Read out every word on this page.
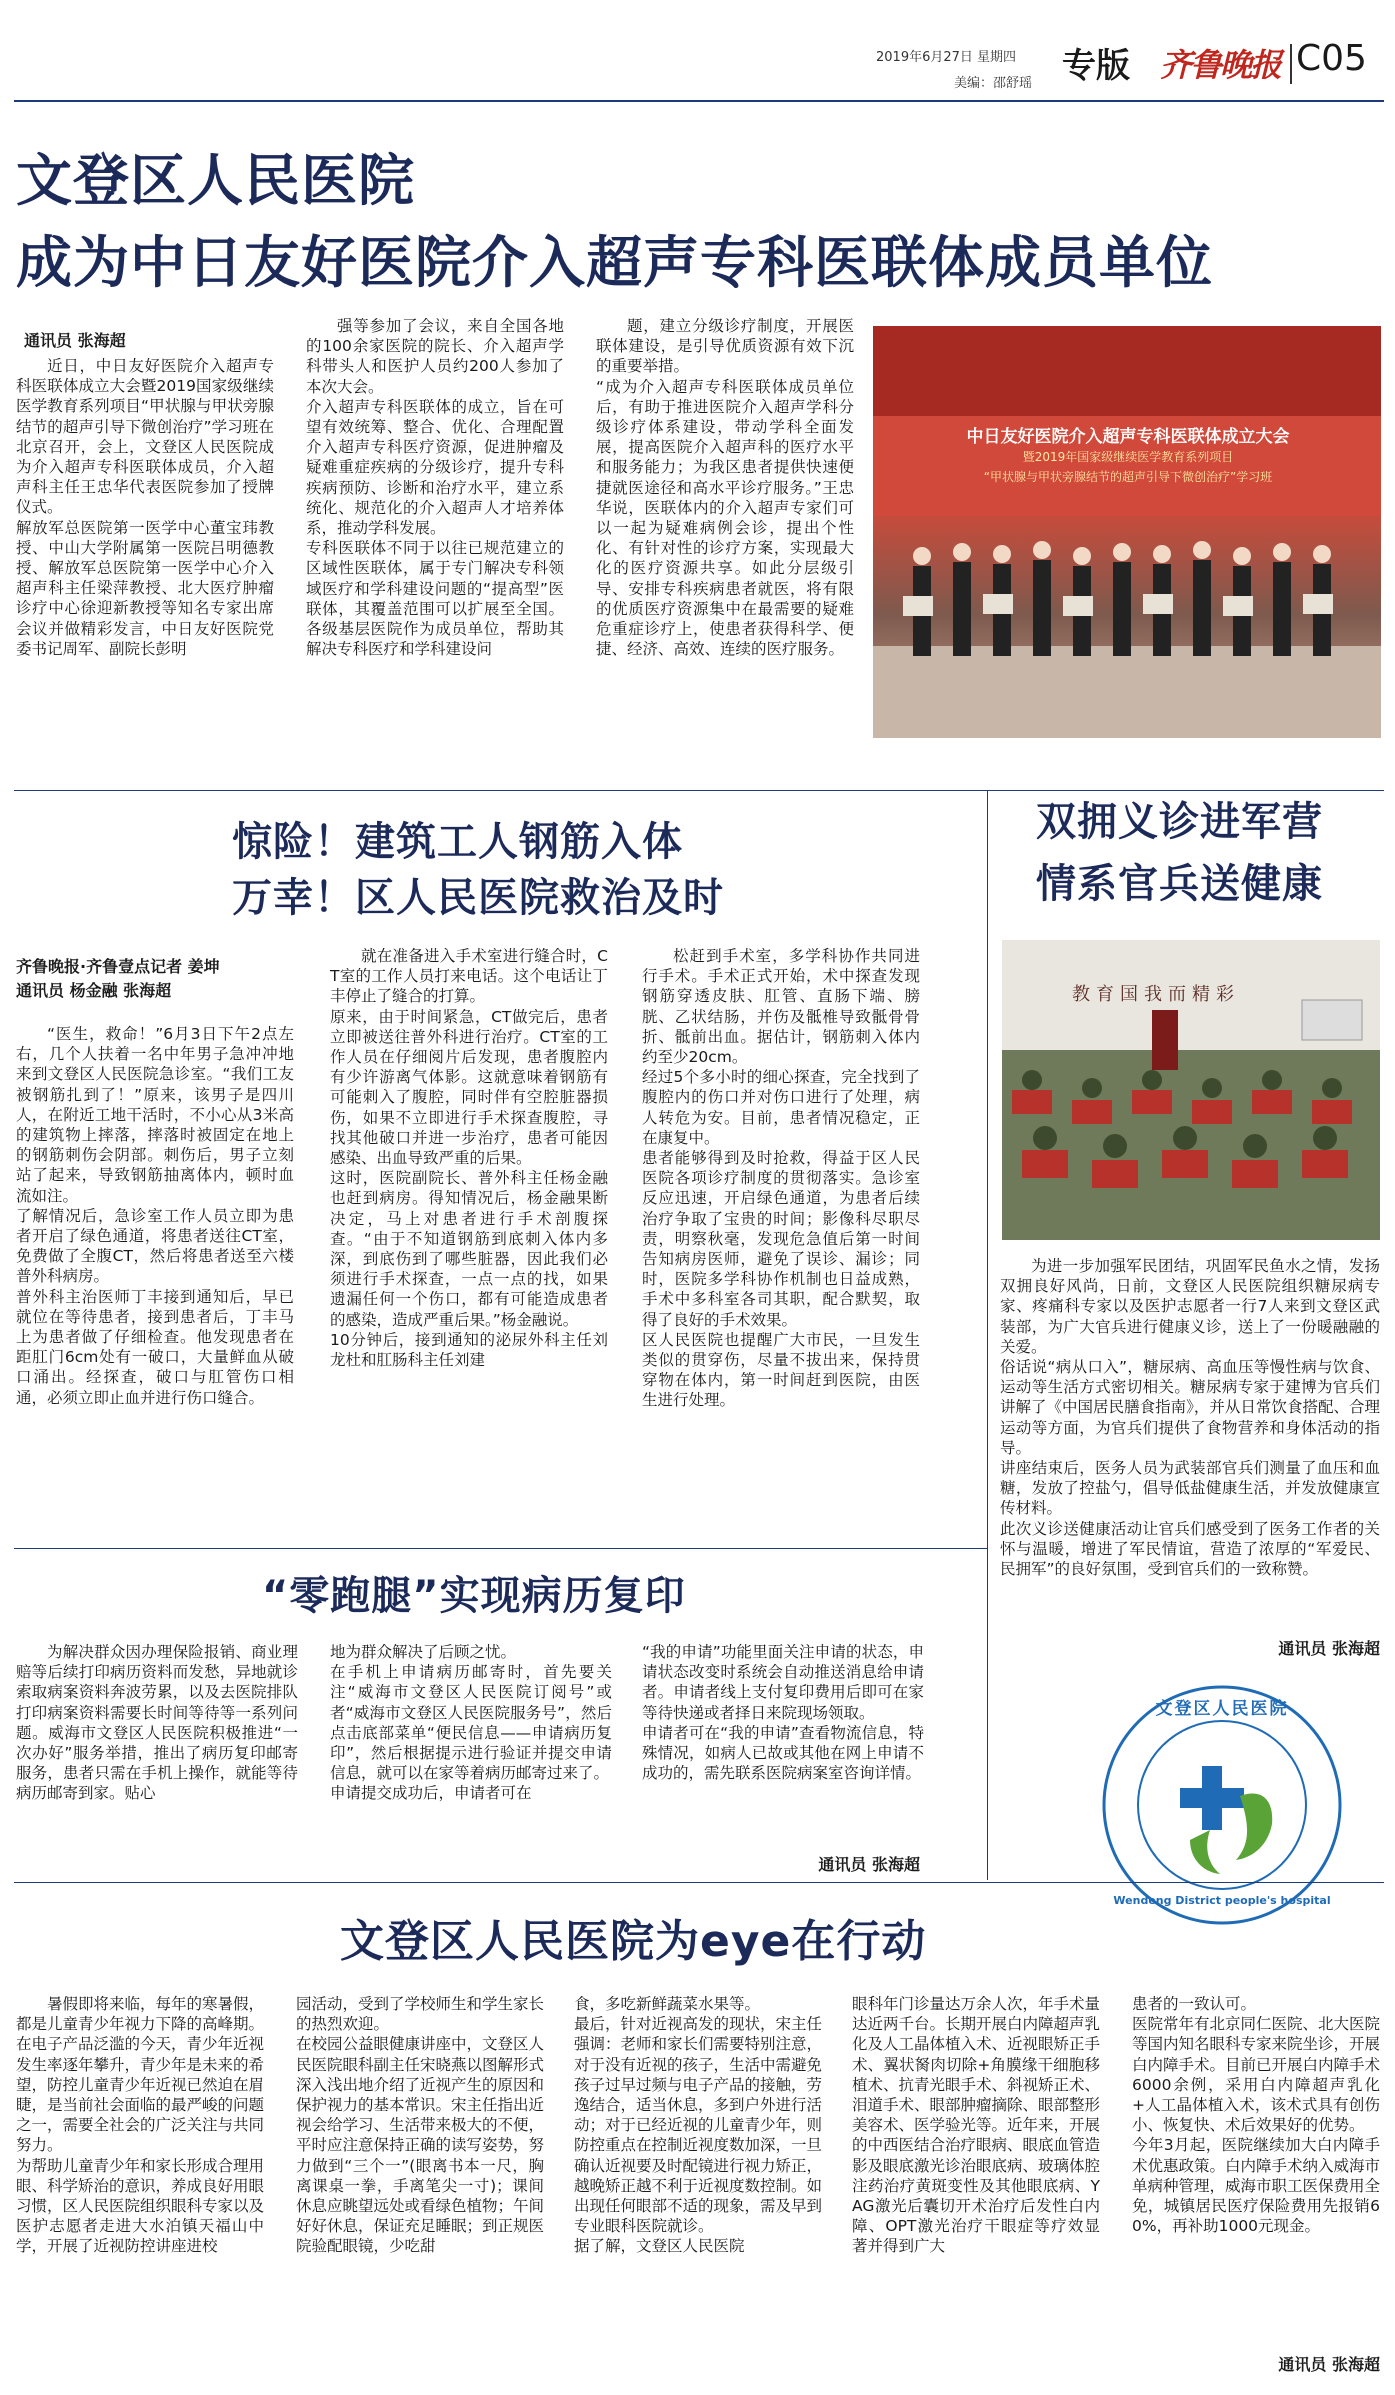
2019年6月27日 星期四
美编：邵舒瑶 专版 齐鲁晚报 C05
文登区人民医院
成为中日友好医院介入超声专科医联体成员单位
通讯员 张海超
近日，中日友好医院介入超声专科医联体成立大会暨2019国家级继续医学教育系列项目“甲状腺与甲状旁腺结节的超声引导下微创治疗”学习班在北京召开，会上，文登区人民医院成为介入超声专科医联体成员，介入超声科主任王忠华代表医院参加了授牌仪式。
解放军总医院第一医学中心董宝玮教授、中山大学附属第一医院吕明德教授、解放军总医院第一医学中心介入超声科主任梁萍教授、北大医疗肿瘤诊疗中心徐迎新教授等知名专家出席会议并做精彩发言，中日友好医院党委书记周军、副院长彭明
强等参加了会议，来自全国各地的100余家医院的院长、介入超声学科带头人和医护人员约200人参加了本次大会。
介入超声专科医联体的成立，旨在可望有效统筹、整合、优化、合理配置介入超声专科医疗资源，促进肿瘤及疑难重症疾病的分级诊疗，提升专科疾病预防、诊断和治疗水平，建立系统化、规范化的介入超声人才培养体系，推动学科发展。
专科医联体不同于以往已规范建立的区域性医联体，属于专门解决专科领域医疗和学科建设问题的“提高型”医联体，其覆盖范围可以扩展至全国。各级基层医院作为成员单位，帮助其解决专科医疗和学科建设问
题，建立分级诊疗制度，开展医联体建设，是引导优质资源有效下沉的重要举措。
“成为介入超声专科医联体成员单位后，有助于推进医院介入超声学科分级诊疗体系建设，带动学科全面发展，提高医院介入超声科的医疗水平和服务能力；为我区患者提供快速便捷就医途径和高水平诊疗服务。”王忠华说，医联体内的介入超声专家们可以一起为疑难病例会诊，提出个性化、有针对性的诊疗方案，实现最大化的医疗资源共享。如此分层级引导、安排专科疾病患者就医，将有限的优质医疗资源集中在最需要的疑难危重症诊疗上，使患者获得科学、便捷、经济、高效、连续的医疗服务。
中日友好医院介入超声专科医联体成立大会
暨2019年国家级继续医学教育系列项目
“甲状腺与甲状旁腺结节的超声引导下微创治疗”学习班
惊险！建筑工人钢筋入体
万幸！区人民医院救治及时
齐鲁晚报·齐鲁壹点记者 姜坤
通讯员 杨金融 张海超
“医生，救命！”6月3日下午2点左右，几个人扶着一名中年男子急冲冲地来到文登区人民医院急诊室。“我们工友被钢筋扎到了！”原来，该男子是四川人，在附近工地干活时，不小心从3米高的建筑物上摔落，摔落时被固定在地上的钢筋刺伤会阴部。刺伤后，男子立刻站了起来，导致钢筋抽离体内，顿时血流如注。
了解情况后，急诊室工作人员立即为患者开启了绿色通道，将患者送往CT室，免费做了全腹CT，然后将患者送至六楼普外科病房。
普外科主治医师丁丰接到通知后，早已就位在等待患者，接到患者后，丁丰马上为患者做了仔细检查。他发现患者在距肛门6cm处有一破口，大量鲜血从破口涌出。经探查，破口与肛管伤口相通，必须立即止血并进行伤口缝合。
就在准备进入手术室进行缝合时，CT室的工作人员打来电话。这个电话让丁丰停止了缝合的打算。
原来，由于时间紧急，CT做完后，患者立即被送往普外科进行治疗。CT室的工作人员在仔细阅片后发现，患者腹腔内有少许游离气体影。这就意味着钢筋有可能刺入了腹腔，同时伴有空腔脏器损伤，如果不立即进行手术探查腹腔，寻找其他破口并进一步治疗，患者可能因感染、出血导致严重的后果。
这时，医院副院长、普外科主任杨金融也赶到病房。得知情况后，杨金融果断决定，马上对患者进行手术剖腹探查。“由于不知道钢筋到底刺入体内多深，到底伤到了哪些脏器，因此我们必须进行手术探查，一点一点的找，如果遗漏任何一个伤口，都有可能造成患者的感染，造成严重后果。”杨金融说。
10分钟后，接到通知的泌尿外科主任刘龙杜和肛肠科主任刘建
松赶到手术室，多学科协作共同进行手术。手术正式开始，术中探查发现钢筋穿透皮肤、肛管、直肠下端、膀胱、乙状结肠，并伤及骶椎导致骶骨骨折、骶前出血。据估计，钢筋刺入体内约至少20cm。
经过5个多小时的细心探查，完全找到了腹腔内的伤口并对伤口进行了处理，病人转危为安。目前，患者情况稳定，正在康复中。
患者能够得到及时抢救，得益于区人民医院各项诊疗制度的贯彻落实。急诊室反应迅速，开启绿色通道，为患者后续治疗争取了宝贵的时间；影像科尽职尽责，明察秋毫，发现危急值后第一时间告知病房医师，避免了误诊、漏诊；同时，医院多学科协作机制也日益成熟，手术中多科室各司其职，配合默契，取得了良好的手术效果。
区人民医院也提醒广大市民，一旦发生类似的贯穿伤，尽量不拔出来，保持贯穿物在体内，第一时间赶到医院，由医生进行处理。
双拥义诊进军营
情系官兵送健康
教育国我而精彩
为进一步加强军民团结，巩固军民鱼水之情，发扬双拥良好风尚，日前，文登区人民医院组织糖尿病专家、疼痛科专家以及医护志愿者一行7人来到文登区武装部，为广大官兵进行健康义诊，送上了一份暖融融的关爱。
俗话说“病从口入”，糖尿病、高血压等慢性病与饮食、运动等生活方式密切相关。糖尿病专家于建博为官兵们讲解了《中国居民膳食指南》，并从日常饮食搭配、合理运动等方面，为官兵们提供了食物营养和身体活动的指导。
讲座结束后，医务人员为武装部官兵们测量了血压和血糖，发放了控盐勺，倡导低盐健康生活，并发放健康宣传材料。
此次义诊送健康活动让官兵们感受到了医务工作者的关怀与温暖，增进了军民情谊，营造了浓厚的“军爱民、民拥军”的良好氛围，受到官兵们的一致称赞。
通讯员 张海超
文登区人民医院
Wendeng District people's hospital
“零跑腿”实现病历复印
为解决群众因办理保险报销、商业理赔等后续打印病历资料而发愁，异地就诊索取病案资料奔波劳累，以及去医院排队打印病案资料需要长时间等待等一系列问题。威海市文登区人民医院积极推进“一次办好”服务举措，推出了病历复印邮寄服务，患者只需在手机上操作，就能等待病历邮寄到家。贴心
地为群众解决了后顾之忧。
在手机上申请病历邮寄时，首先要关注“威海市文登区人民医院订阅号”或者“威海市文登区人民医院服务号”，然后点击底部菜单“便民信息——申请病历复印”，然后根据提示进行验证并提交申请信息，就可以在家等着病历邮寄过来了。
申请提交成功后，申请者可在
“我的申请”功能里面关注申请的状态，申请状态改变时系统会自动推送消息给申请者。申请者线上支付复印费用后即可在家等待快递或者择日来院现场领取。
申请者可在“我的申请”查看物流信息，特殊情况，如病人已故或其他在网上申请不成功的，需先联系医院病案室咨询详情。
通讯员 张海超
文登区人民医院为eye在行动
暑假即将来临，每年的寒暑假，都是儿童青少年视力下降的高峰期。在电子产品泛滥的今天，青少年近视发生率逐年攀升，青少年是未来的希望，防控儿童青少年近视已然迫在眉睫，是当前社会面临的最严峻的问题之一，需要全社会的广泛关注与共同努力。
为帮助儿童青少年和家长形成合理用眼、科学矫治的意识，养成良好用眼习惯，区人民医院组织眼科专家以及医护志愿者走进大水泊镇天福山中学，开展了近视防控讲座进校
园活动，受到了学校师生和学生家长的热烈欢迎。
在校园公益眼健康讲座中，文登区人民医院眼科副主任宋晓燕以图解形式深入浅出地介绍了近视产生的原因和保护视力的基本常识。宋主任指出近视会给学习、生活带来极大的不便，平时应注意保持正确的读写姿势，努力做到“三个一”(眼离书本一尺，胸离课桌一拳，手离笔尖一寸)；课间休息应眺望远处或看绿色植物；午间好好休息，保证充足睡眠；到正规医院验配眼镜，少吃甜
食，多吃新鲜蔬菜水果等。
最后，针对近视高发的现状，宋主任强调：老师和家长们需要特别注意，对于没有近视的孩子，生活中需避免孩子过早过频与电子产品的接触，劳逸结合，适当休息，多到户外进行活动；对于已经近视的儿童青少年，则防控重点在控制近视度数加深，一旦确认近视要及时配镜进行视力矫正，越晚矫正越不利于近视度数控制。如出现任何眼部不适的现象，需及早到专业眼科医院就诊。
据了解，文登区人民医院
眼科年门诊量达万余人次，年手术量达近两千台。长期开展白内障超声乳化及人工晶体植入术、近视眼矫正手术、翼状胬肉切除+角膜缘干细胞移植术、抗青光眼手术、斜视矫正术、泪道手术、眼部肿瘤摘除、眼部整形美容术、医学验光等。近年来，开展的中西医结合治疗眼病、眼底血管造影及眼底激光诊治眼底病、玻璃体腔注药治疗黄斑变性及其他眼底病、YAG激光后囊切开术治疗后发性白内障、OPT激光治疗干眼症等疗效显著并得到广大
患者的一致认可。
医院常年有北京同仁医院、北大医院等国内知名眼科专家来院坐诊，开展白内障手术。目前已开展白内障手术6000余例，采用白内障超声乳化+人工晶体植入术，该术式具有创伤小、恢复快、术后效果好的优势。
今年3月起，医院继续加大白内障手术优惠政策。白内障手术纳入威海市单病种管理，威海市职工医保费用全免，城镇居民医疗保险费用先报销60%，再补助1000元现金。
通讯员 张海超
